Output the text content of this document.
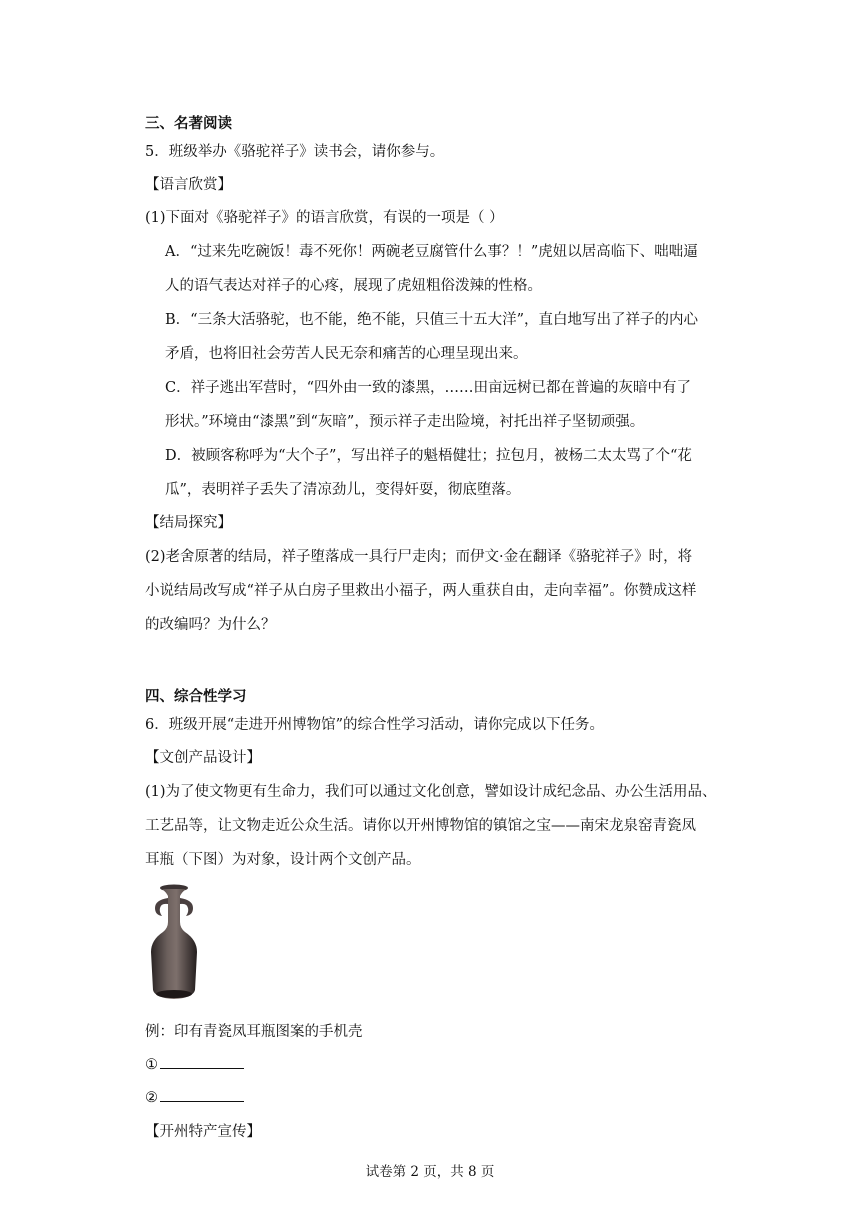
三、名著阅读
5．班级举办《骆驼祥子》读书会，请你参与。
【语言欣赏】
(1)下面对《骆驼祥子》的语言欣赏，有误的一项是（ ）
A．“过来先吃碗饭！毒不死你！两碗老豆腐管什么事？！”虎妞以居高临下、咄咄逼
人的语气表达对祥子的心疼，展现了虎妞粗俗泼辣的性格。
B．“三条大活骆驼，也不能，绝不能，只值三十五大洋”，直白地写出了祥子的内心
矛盾，也将旧社会劳苦人民无奈和痛苦的心理呈现出来。
C．祥子逃出军营时，“四外由一致的漆黑，……田亩远树已都在普遍的灰暗中有了
形状。”环境由“漆黑”到“灰暗”，预示祥子走出险境，衬托出祥子坚韧顽强。
D．被顾客称呼为“大个子”，写出祥子的魁梧健壮；拉包月，被杨二太太骂了个“花
瓜”，表明祥子丢失了清凉劲儿，变得奸耍，彻底堕落。
【结局探究】
(2)老舍原著的结局，祥子堕落成一具行尸走肉；而伊文·金在翻译《骆驼祥子》时，将
小说结局改写成“祥子从白房子里救出小福子，两人重获自由，走向幸福”。你赞成这样
的改编吗？为什么？
四、综合性学习
6．班级开展“走进开州博物馆”的综合性学习活动，请你完成以下任务。
【文创产品设计】
(1)为了使文物更有生命力，我们可以通过文化创意，譬如设计成纪念品、办公生活用品、
工艺品等，让文物走近公众生活。请你以开州博物馆的镇馆之宝——南宋龙泉窑青瓷凤
耳瓶（下图）为对象，设计两个文创产品。
例：印有青瓷凤耳瓶图案的手机壳
①
②
【开州特产宣传】
试卷第 2 页，共 8 页
